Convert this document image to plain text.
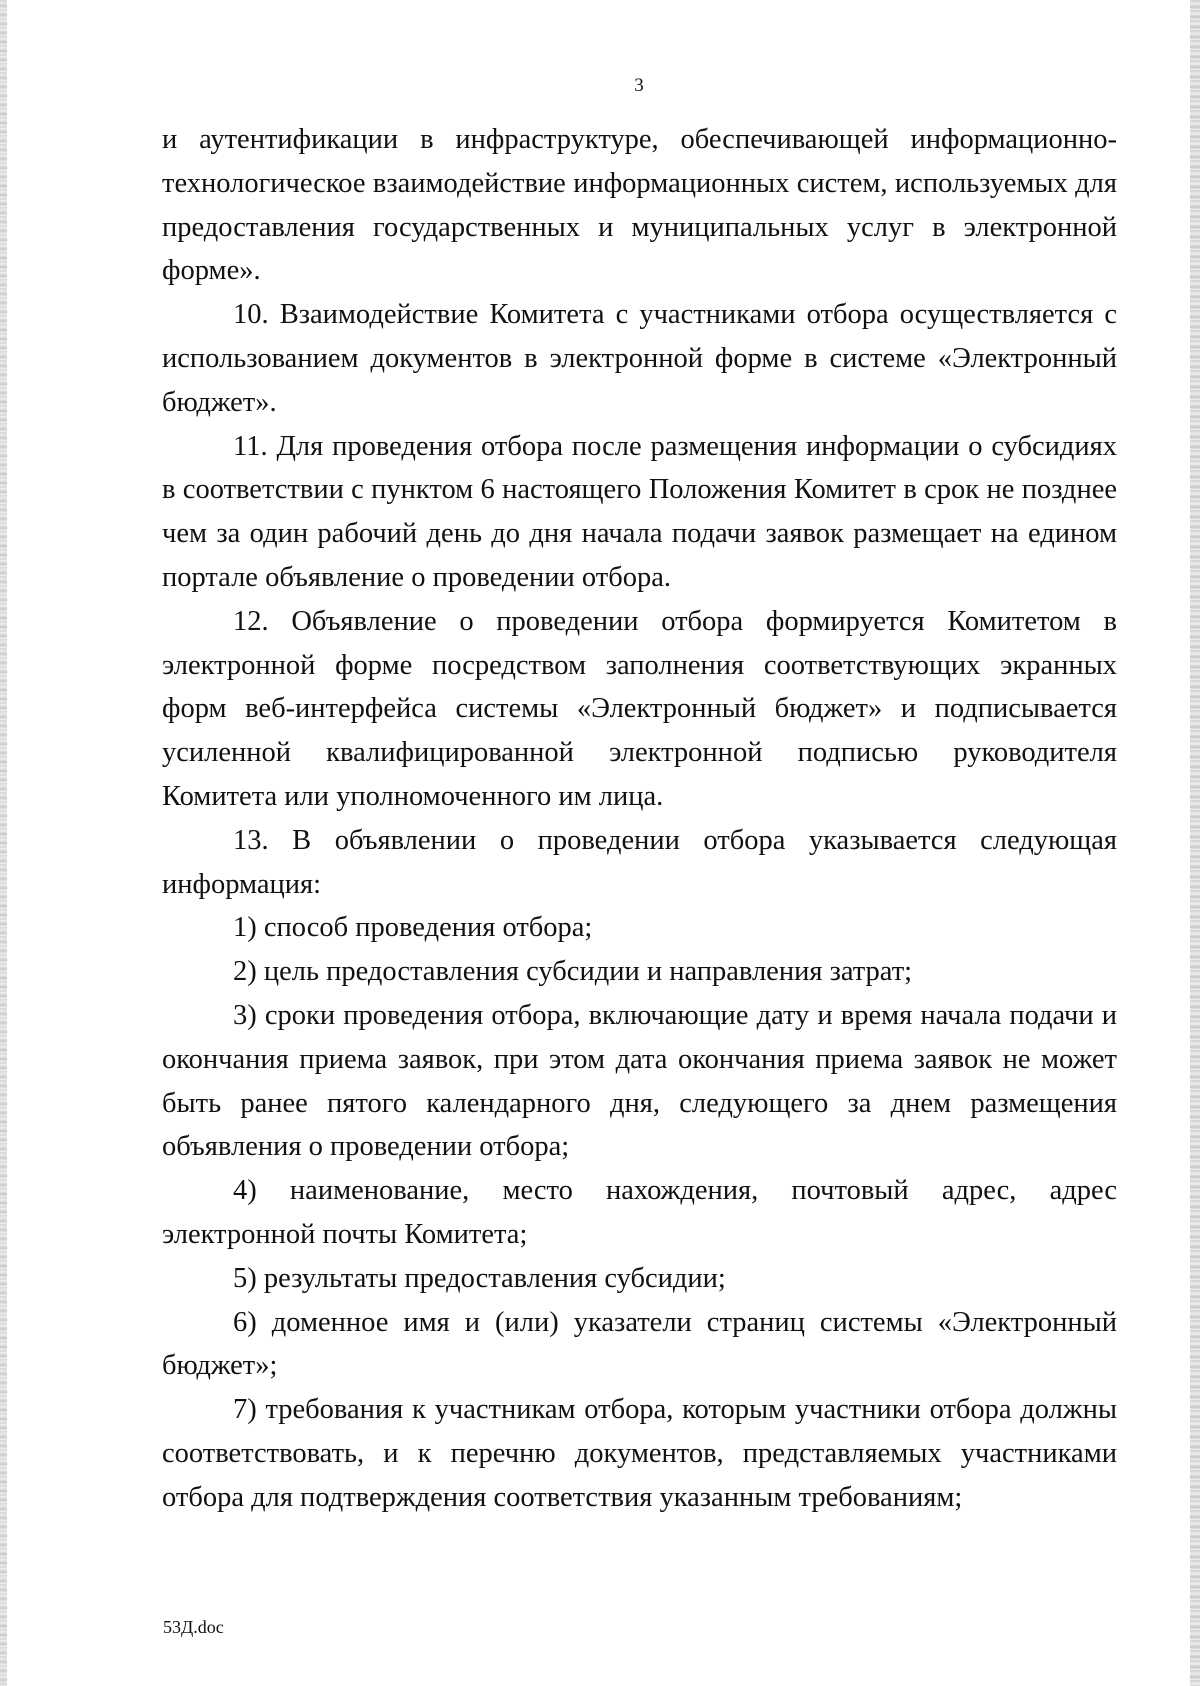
3

и аутентификации в инфраструктуре, обеспечивающей информационно-технологическое взаимодействие информационных систем, используемых для предоставления государственных и муниципальных услуг в электронной форме».

10. Взаимодействие Комитета с участниками отбора осуществляется с использованием документов в электронной форме в системе «Электронный бюджет».

11. Для проведения отбора после размещения информации о субсидиях в соответствии с пунктом 6 настоящего Положения Комитет в срок не позднее чем за один рабочий день до дня начала подачи заявок размещает на едином портале объявление о проведении отбора.

12. Объявление о проведении отбора формируется Комитетом в электронной форме посредством заполнения соответствующих экранных форм веб-интерфейса системы «Электронный бюджет» и подписывается усиленной квалифицированной электронной подписью руководителя Комитета или уполномоченного им лица.

13. В объявлении о проведении отбора указывается следующая информация:

1) способ проведения отбора;

2) цель предоставления субсидии и направления затрат;

3) сроки проведения отбора, включающие дату и время начала подачи и окончания приема заявок, при этом дата окончания приема заявок не может быть ранее пятого календарного дня, следующего за днем размещения объявления о проведении отбора;

4) наименование, место нахождения, почтовый адрес, адрес электронной почты Комитета;

5) результаты предоставления субсидии;

6) доменное имя и (или) указатели страниц системы «Электронный бюджет»;

7) требования к участникам отбора, которым участники отбора должны соответствовать, и к перечню документов, представляемых участниками отбора для подтверждения соответствия указанным требованиям;

53Д.doc
